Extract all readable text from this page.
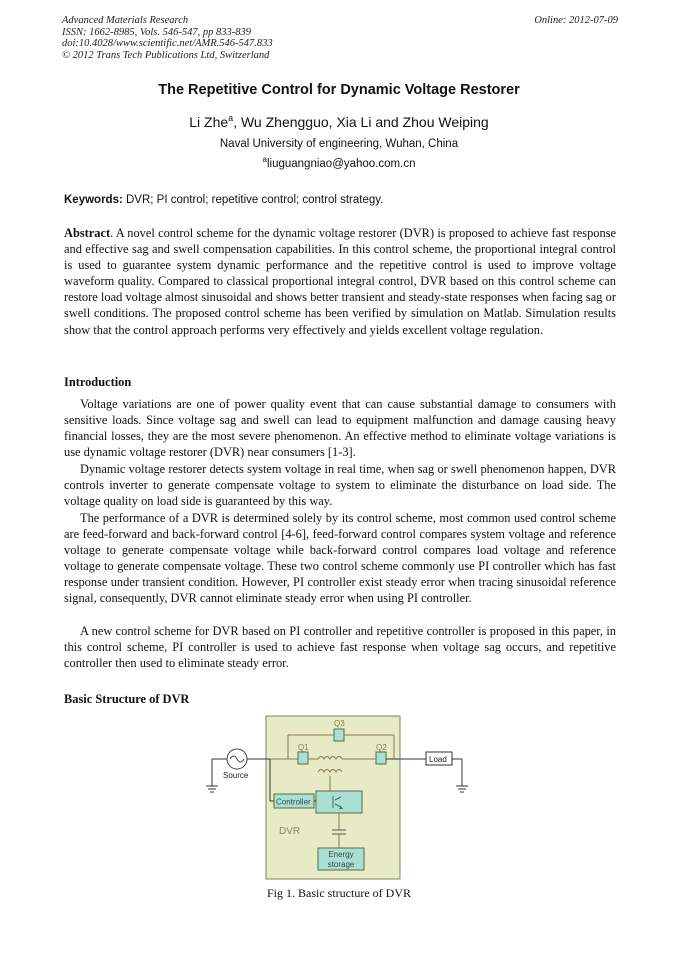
Advanced Materials Research	Online: 2012-07-09
ISSN: 1662-8985, Vols. 546-547, pp 833-839
doi:10.4028/www.scientific.net/AMR.546-547.833
© 2012 Trans Tech Publications Ltd, Switzerland
The Repetitive Control for Dynamic Voltage Restorer
Li Zhe$^a$, Wu Zhengguo, Xia Li and Zhou Weiping
Naval University of engineering, Wuhan, China
$^a$liuguangniao@yahoo.com.cn
Keywords: DVR; PI control; repetitive control; control strategy.

Abstract. A novel control scheme for the dynamic voltage restorer (DVR) is proposed to achieve fast response and effective sag and swell compensation capabilities. In this control scheme, the proportional integral control is used to guarantee system dynamic performance and the repetitive control is used to improve voltage waveform quality. Compared to classical proportional integral control, DVR based on this control scheme can restore load voltage almost sinusoidal and shows better transient and steady-state responses when facing sag or swell conditions. The proposed control scheme has been verified by simulation on Matlab. Simulation results show that the control approach performs very effectively and yields excellent voltage regulation.

Introduction

Voltage variations are one of power quality event that can cause substantial damage to consumers with sensitive loads. Since voltage sag and swell can lead to equipment malfunction and damage causing heavy financial losses, they are the most severe phenomenon. An effective method to eliminate voltage variations is use dynamic voltage restorer (DVR) near consumers [1-3].

Dynamic voltage restorer detects system voltage in real time, when sag or swell phenomenon happen, DVR controls inverter to generate compensate voltage to system to eliminate the disturbance on load side. The voltage quality on load side is guaranteed by this way.

The performance of a DVR is determined solely by its control scheme, most common used control scheme are feed-forward and back-forward control [4-6], feed-forward control compares system voltage and reference voltage to generate compensate voltage while back-forward control compares load voltage and reference voltage to generate compensate voltage. These two control scheme commonly use PI controller which has fast response under transient condition. However, PI controller exist steady error when tracing sinusoidal reference signal, consequently, DVR cannot eliminate steady error when using PI controller.

A new control scheme for DVR based on PI controller and repetitive controller is proposed in this paper, in this control scheme, PI controller is used to achieve fast response when voltage sag occurs, and repetitive controller then used to eliminate steady error.

Basic Structure of DVR
Source
Q1	Q2
Q3
Load
Controller
DVR
Energy
storage
Fig 1. Basic structure of DVR
